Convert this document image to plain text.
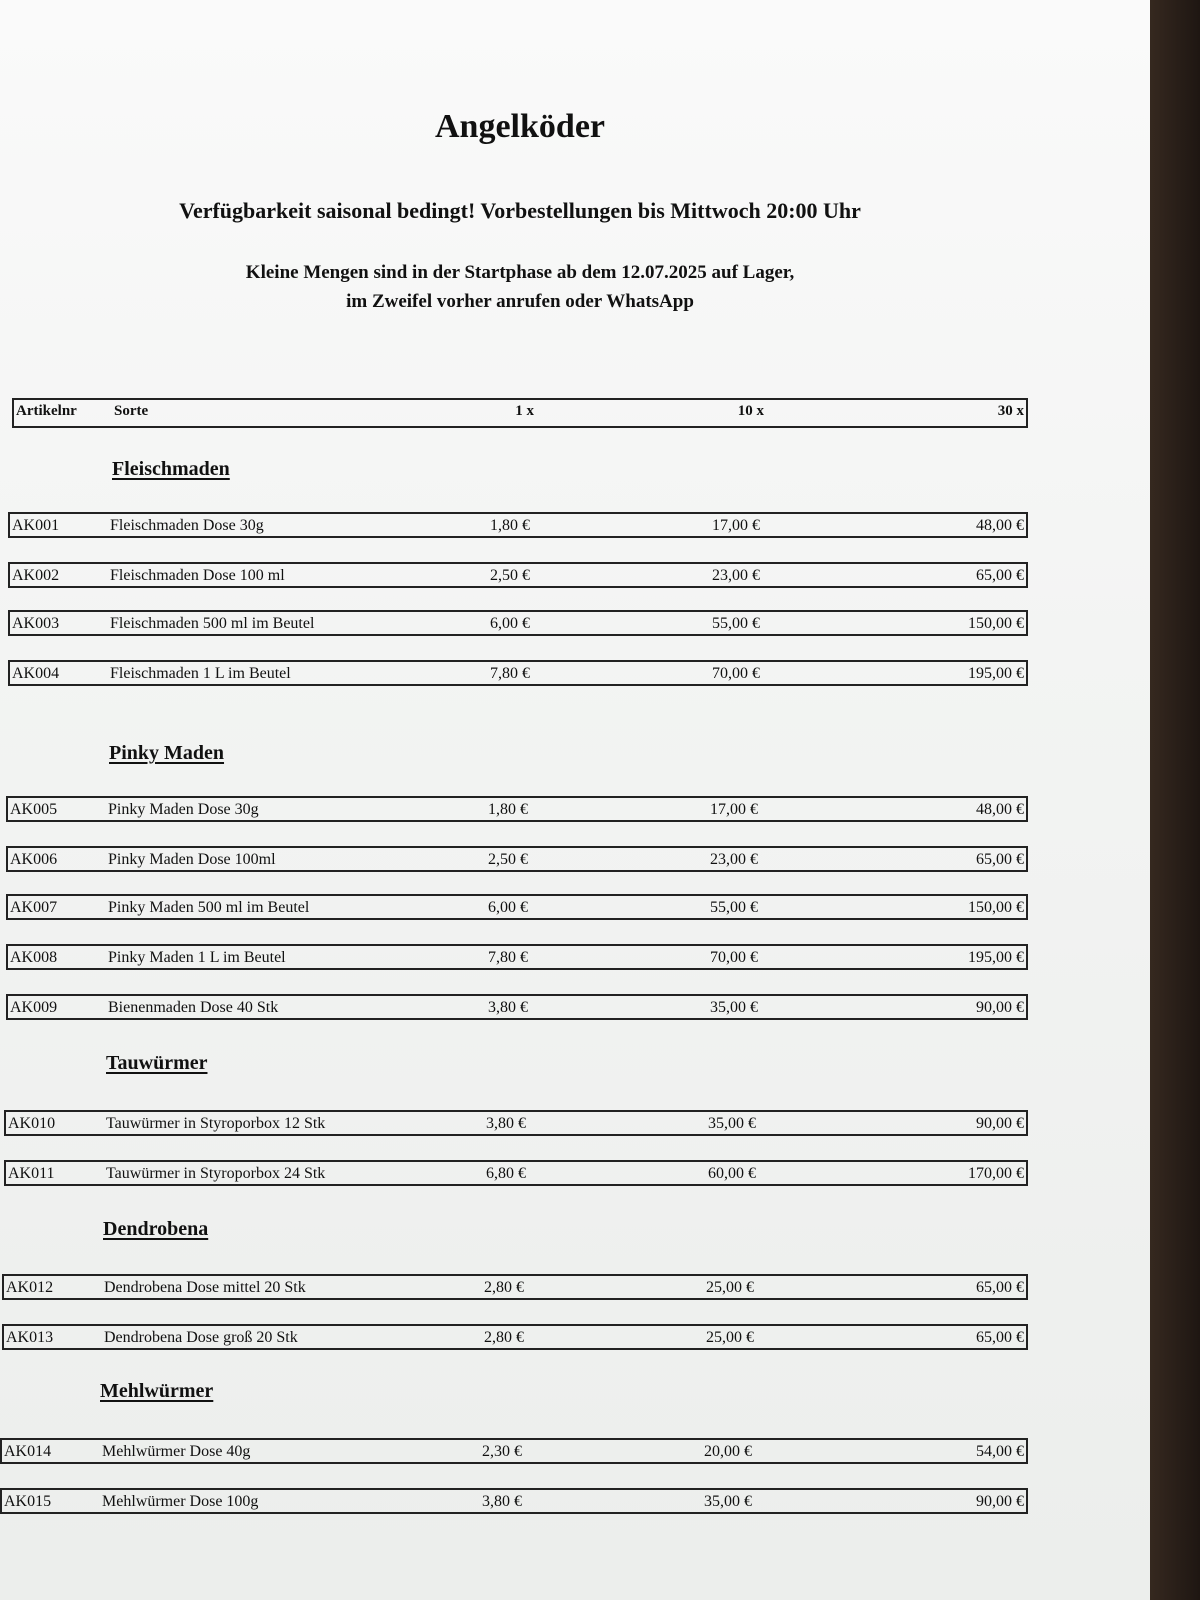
Angelköder
Verfügbarkeit saisonal bedingt! Vorbestellungen bis Mittwoch 20:00 Uhr
Kleine Mengen sind in der Startphase ab dem 12.07.2025 auf Lager,
im Zweifel vorher anrufen oder WhatsApp
Artikelnr Sorte	1 x	10 x	30 x
Fleischmaden
AK001	Fleischmaden Dose 30g	1,80 €	17,00 €	48,00 €
AK002	Fleischmaden Dose 100 ml	2,50 €	23,00 €	65,00 €
AK003	Fleischmaden 500 ml im Beutel	6,00 €	55,00 €	150,00 €
AK004	Fleischmaden 1 L im Beutel	7,80 €	70,00 €	195,00 €
Pinky Maden
AK005	Pinky Maden Dose 30g	1,80 €	17,00 €	48,00 €
AK006	Pinky Maden Dose 100ml	2,50 €	23,00 €	65,00 €
AK007	Pinky Maden 500 ml im Beutel	6,00 €	55,00 €	150,00 €
AK008	Pinky Maden 1 L im Beutel	7,80 €	70,00 €	195,00 €
AK009	Bienenmaden Dose 40 Stk	3,80 €	35,00 €	90,00 €
Tauwürmer
AK010	Tauwürmer in Styroporbox 12 Stk	3,80 €	35,00 €	90,00 €
AK011	Tauwürmer in Styroporbox 24 Stk	6,80 €	60,00 €	170,00 €
Dendrobena
AK012	Dendrobena Dose mittel 20 Stk	2,80 €	25,00 €	65,00 €
AK013	Dendrobena Dose groß 20 Stk	2,80 €	25,00 €	65,00 €
Mehlwürmer
AK014	Mehlwürmer Dose 40g	2,30 €	20,00 €	54,00 €
AK015	Mehlwürmer Dose 100g	3,80 €	35,00 €	90,00 €
